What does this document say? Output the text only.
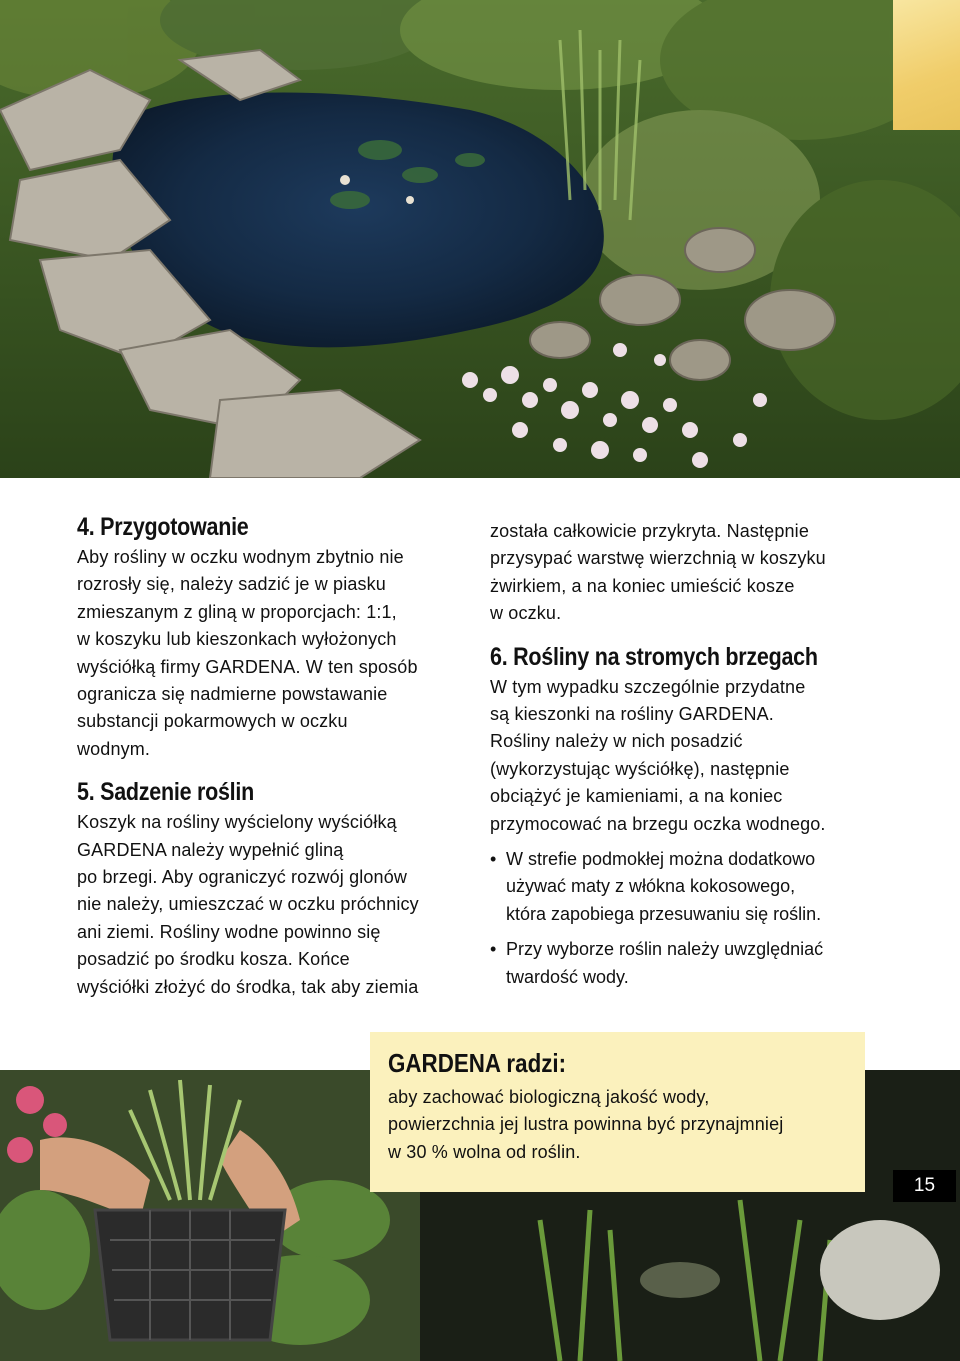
4. Przygotowanie

Aby rośliny w oczku wodnym zbytnio nie
rozrosły się, należy sadzić je w piasku
zmieszanym z gliną w proporcjach: 1:1,
w koszyku lub kieszonkach wyłożonych
wyściółką firmy GARDENA. W ten sposób
ogranicza się nadmierne powstawanie
substancji pokarmowych w oczku
wodnym.

5. Sadzenie roślin

Koszyk na rośliny wyścielony wyściółką
GARDENA należy wypełnić gliną
po brzegi. Aby ograniczyć rozwój glonów
nie należy, umieszczać w oczku próchnicy
ani ziemi. Rośliny wodne powinno się
posadzić po środku kosza. Końce
wyściółki złożyć do środka, tak aby ziemia

została całkowicie przykryta. Następnie
przysypać warstwę wierzchnią w koszyku
żwirkiem, a na koniec umieścić kosze
w oczku.

6. Rośliny na stromych brzegach

W tym wypadku szczególnie przydatne
są kieszonki na rośliny GARDENA.
Rośliny należy w nich posadzić
(wykorzystując wyściółkę), następnie
obciążyć je kamieniami, a na koniec
przymocować na brzegu oczka wodnego.

• W strefie podmokłej można dodatkowo
używać maty z włókna kokosowego,
która zapobiega przesuwaniu się roślin.
• Przy wyborze roślin należy uwzględniać
twardość wody.
GARDENA radzi:

aby zachować biologiczną jakość wody,
powierzchnia jej lustra powinna być przynajmniej
w 30 % wolna od roślin.

15
